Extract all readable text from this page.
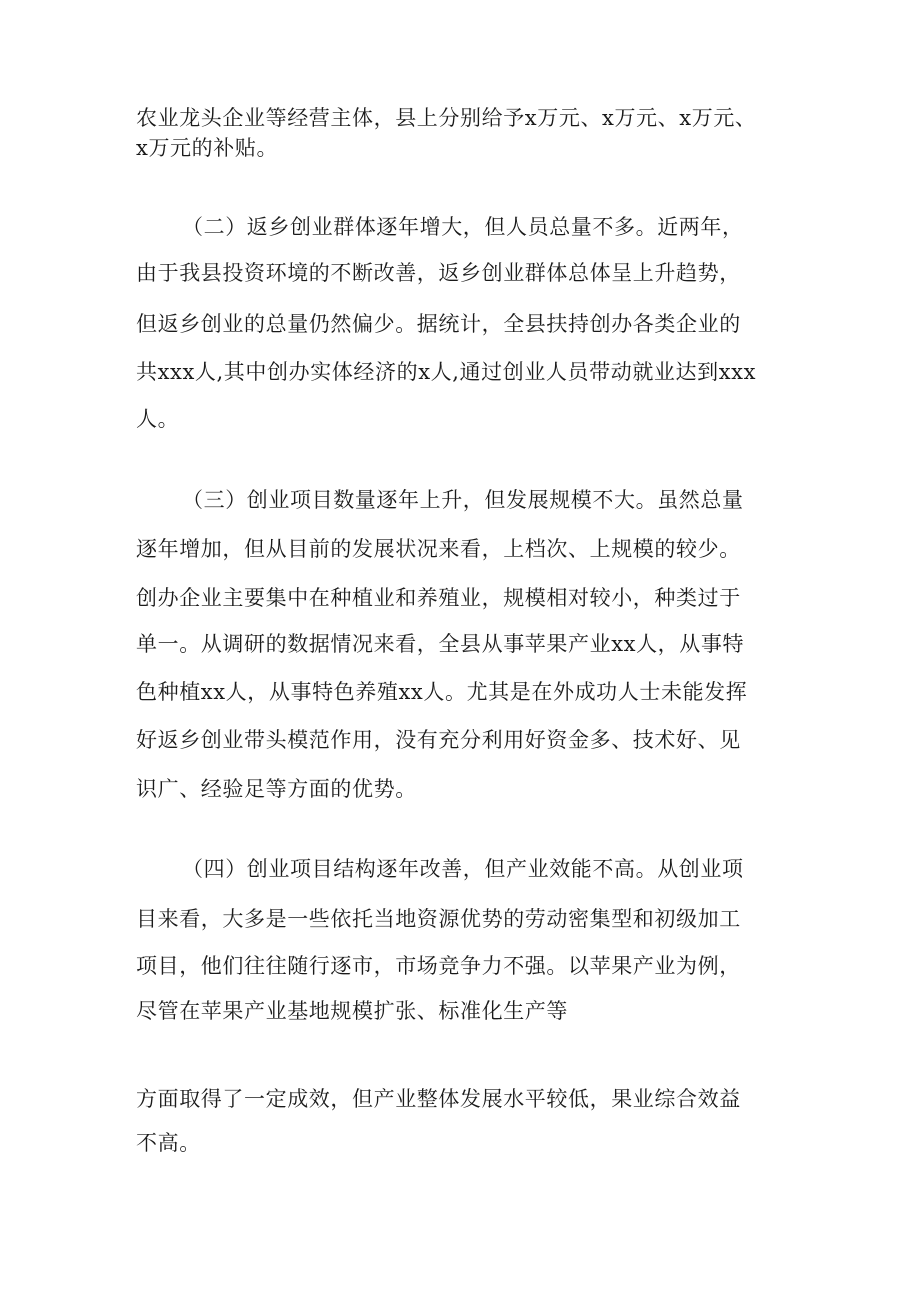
农业龙头企业等经营主体，县上分别给予x万元、x万元、x万元、
x万元的补贴。
（二）返乡创业群体逐年增大，但人员总量不多。近两年，
由于我县投资环境的不断改善，返乡创业群体总体呈上升趋势，
但返乡创业的总量仍然偏少。据统计，全县扶持创办各类企业的
共xxx人,其中创办实体经济的x人,通过创业人员带动就业达到xxx
人。
（三）创业项目数量逐年上升，但发展规模不大。虽然总量
逐年增加，但从目前的发展状况来看，上档次、上规模的较少。
创办企业主要集中在种植业和养殖业，规模相对较小，种类过于
单一。从调研的数据情况来看，全县从事苹果产业xx人，从事特
色种植xx人，从事特色养殖xx人。尤其是在外成功人士未能发挥
好返乡创业带头模范作用，没有充分利用好资金多、技术好、见
识广、经验足等方面的优势。
（四）创业项目结构逐年改善，但产业效能不高。从创业项
目来看，大多是一些依托当地资源优势的劳动密集型和初级加工
项目，他们往往随行逐市，市场竞争力不强。以苹果产业为例，
尽管在苹果产业基地规模扩张、标准化生产等
方面取得了一定成效，但产业整体发展水平较低，果业综合效益
不高。
